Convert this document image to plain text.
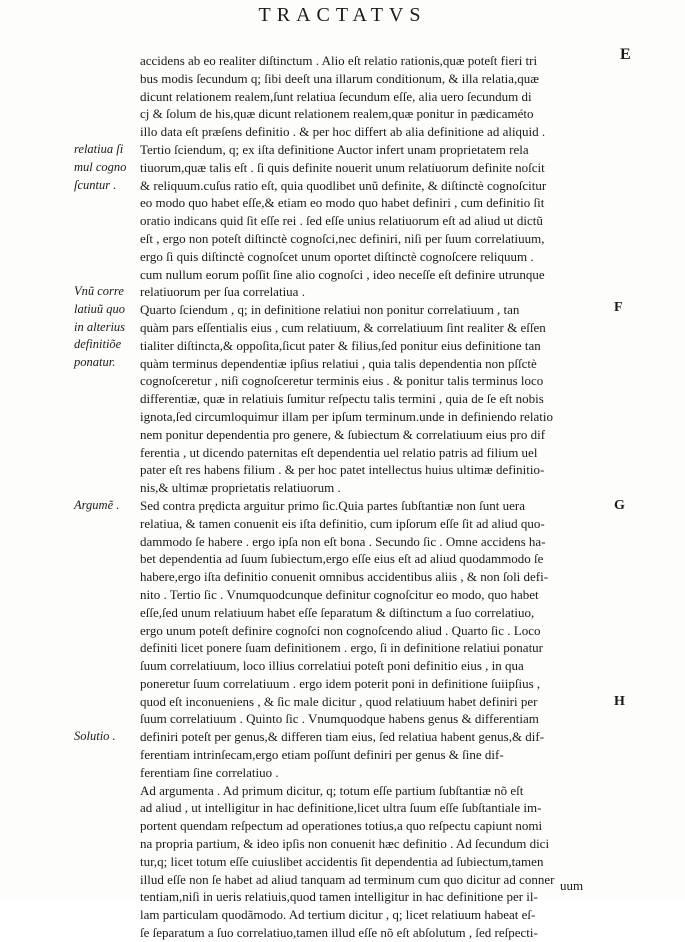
TRACTATVS
E
relatiua ſi
mul cogno
ſcuntur .
Vnũ corre
latiuũ quo
in alterius
definitiõe
ponatur.
Argumẽ .
Solutio .
F
G
H
accidens ab eo realiter diſtinctum . Alio eſt relatio rationis,quæ poteſt fieri tri
bus modis ſecundum q; ſibi deeſt una illarum conditionum, & illa relatia,quæ
dicunt relationem realem,ſunt relatiua ſecundum eſſe, alia uero ſecundum di
cj & ſolum de his,quæ dicunt relationem realem,quæ ponitur in pædicaméto
illo data eſt præſens definitio . & per hoc differt ab alia definitione ad aliquid .
Tertio ſciendum, q; ex iſta definitione Auctor infert unam proprietatem rela
tiuorum,quæ talis eſt . ſi quis definite nouerit unum relatiuorum definite noſcit
& reliquum.cuſus ratio eſt, quia quodlibet unũ definite, & diſtinctè cognoſcitur
eo modo quo habet eſſe,& etiam eo modo quo habet definiri , cum definitio ſit
oratio indicans quid ſit eſſe rei . ſed eſſe unius relatiuorum eſt ad aliud ut dictũ
eſt , ergo non poteſt diſtinctè cognoſci,nec definiri, niſi per ſuum correlatiuum,
ergo ſi quis diſtinctè cognoſcet unum oportet diſtinctè cognoſcere reliquum .
cum nullum eorum poſſit ſine alio cognoſci , ideo neceſſe eſt definire utrunque
relatiuorum per ſua correlatiua .
Quarto ſciendum , q; in definitione relatiui non ponitur correlatiuum , tan
quàm pars eſſentialis eius , cum relatiuum, & correlatiuum ſint realiter & eſſen
tialiter diſtincta,& oppoſita,ſicut pater & filius,ſed ponitur eius definitione tan
quàm terminus dependentiæ ipſius relatiui , quia talis dependentia non pſſctè
cognoſceretur , niſi cognoſceretur terminis eius . & ponitur talis terminus loco
differentiæ, quæ in relatiuis ſumitur reſpectu talis termini , quia de ſe eſt nobis
ignota,ſed circumloquimur illam per ipſum terminum.unde in definiendo relatio
nem ponitur dependentia pro genere, & ſubiectum & correlatiuum eius pro dif
ferentia , ut dicendo paternitas eſt dependentia uel relatio patris ad filium uel
pater eſt res habens filium . & per hoc patet intellectus huius ultimæ definitio-
nis,& ultimæ proprietatis relatiuorum .
Sed contra prędicta arguitur primo ſic.Quia partes ſubſtantiæ non ſunt uera
relatiua, & tamen conuenit eis iſta definitio, cum ipſorum eſſe ſit ad aliud quo-
dammodo ſe habere . ergo ipſa non eſt bona . Secundo ſic . Omne accidens ha-
bet dependentia ad ſuum ſubiectum,ergo eſſe eius eſt ad aliud quodammodo ſe
habere,ergo iſta definitio conuenit omnibus accidentibus aliis , & non ſoli defi-
nito . Tertio ſic . Vnumquodcunque definitur cognoſcitur eo modo, quo habet
eſſe,ſed unum relatiuum habet eſſe ſeparatum & diſtinctum a ſuo correlatiuo,
ergo unum poteſt definire cognoſci non cognoſcendo aliud . Quarto ſic . Loco
definiti licet ponere ſuam definitionem . ergo, ſi in definitione relatiui ponatur
ſuum correlatiuum, loco illius correlatiui poteſt poni definitio eius , in qua
poneretur ſuum correlatiuum . ergo idem poterit poni in definitione ſuiipſius ,
quod eſt inconueniens , & ſic male dicitur , quod relatiuum habet definiri per
ſuum correlatiuum . Quinto ſic . Vnumquodque habens genus & differentiam
definiri poteſt per genus,& differen tiam eius, ſed relatiua habent genus,& dif-
ferentiam intrinſecam,ergo etiam poſſunt definiri per genus & ſine dif-
ferentiam ſine correlatiuo .
Ad argumenta . Ad primum dicitur, q; totum eſſe partium ſubſtantiæ nõ eſt
ad aliud , ut intelligitur in hac definitione,licet ultra ſuum eſſe ſubſtantiale im-
portent quendam reſpectum ad operationes totius,a quo reſpectu capiunt nomi
na propria partium, & ideo ipſis non conuenit hæc definitio . Ad ſecundum dici
tur,q; licet totum eſſe cuiuslibet accidentis ſit dependentia ad ſubiectum,tamen
illud eſſe non ſe habet ad aliud tanquam ad terminum cum quo dicitur ad conner
tentiam,niſi in ueris relatiuis,quod tamen intelligitur in hac definitione per il-
lam particulam quodãmodo. Ad tertium dicitur , q; licet relatiuum habeat eſ-
ſe ſeparatum a ſuo correlatiuo,tamen illud eſſe nõ eſt abſolutum , ſed reſpecti-
uum
